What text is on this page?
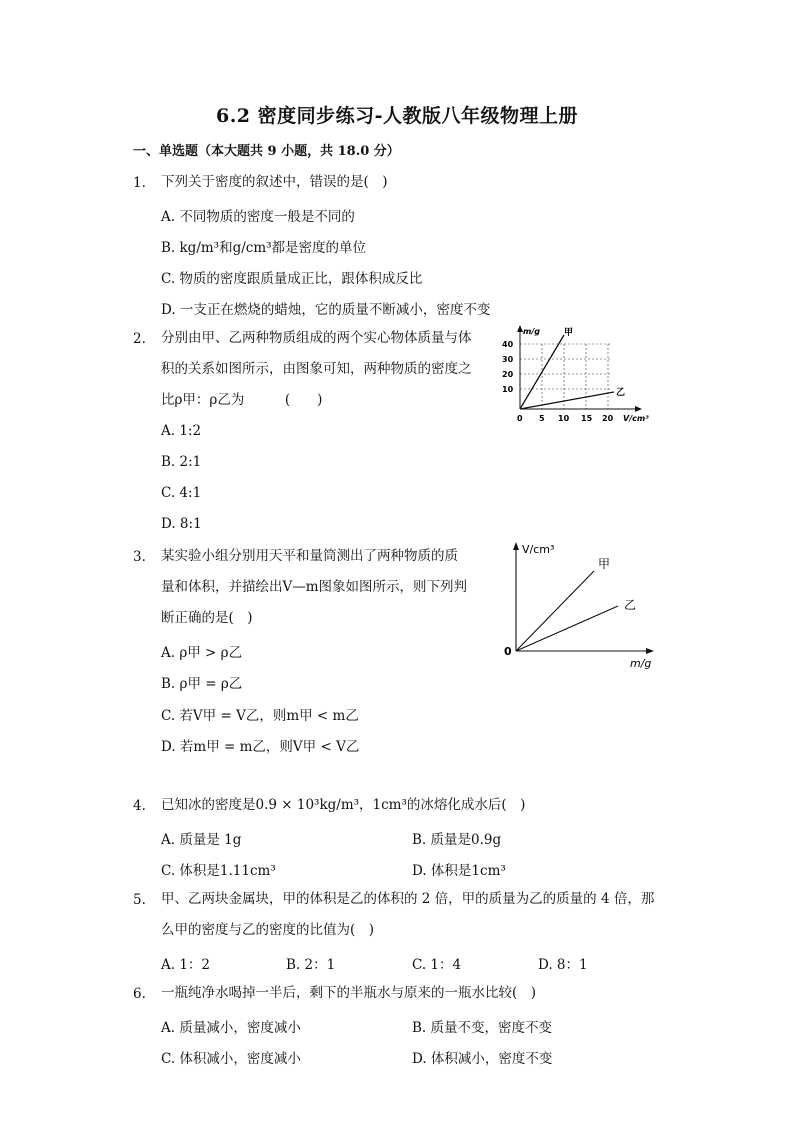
6.2 密度同步练习-人教版八年级物理上册
一、单选题（本大题共 9 小题，共 18.0 分）
1. 下列关于密度的叙述中，错误的是(　)
A. 不同物质的密度一般是不同的
B. kg/m³和g/cm³都是密度的单位
C. 物质的密度跟质量成正比，跟体积成反比
D. 一支正在燃烧的蜡烛，它的质量不断减小，密度不变
2. 分别由甲、乙两种物质组成的两个实心物体质量与体
积的关系如图所示，由图象可知，两种物质的密度之
比ρ甲：ρ乙为　　　(　　)
A. 1:2
B. 2:1
C. 4:1
D. 8:1
m/g	甲
乙
40
30
20
10
0 5 10 15 20 V/cm³
3. 某实验小组分别用天平和量筒测出了两种物质的质
量和体积，并描绘出V—m图象如图所示，则下列判
断正确的是(　)
A. ρ甲 > ρ乙
B. ρ甲 = ρ乙
C. 若V甲 = V乙，则m甲 < m乙
D. 若m甲 = m乙，则V甲 < V乙
V/cm³
甲
乙
0
m/g
4. 已知冰的密度是0.9 × 10³kg/m³，1cm³的冰熔化成水后(　)
A. 质量是 1g	B. 质量是0.9g
C. 体积是1.11cm³	D. 体积是1cm³
5. 甲、乙两块金属块，甲的体积是乙的体积的 2 倍，甲的质量为乙的质量的 4 倍，那
么甲的密度与乙的密度的比值为(　)
A. 1：2	B. 2：1	C. 1：4	D. 8：1
6. 一瓶纯净水喝掉一半后，剩下的半瓶水与原来的一瓶水比较(　)
A. 质量减小，密度减小	B. 质量不变，密度不变
C. 体积减小，密度减小	D. 体积减小，密度不变
